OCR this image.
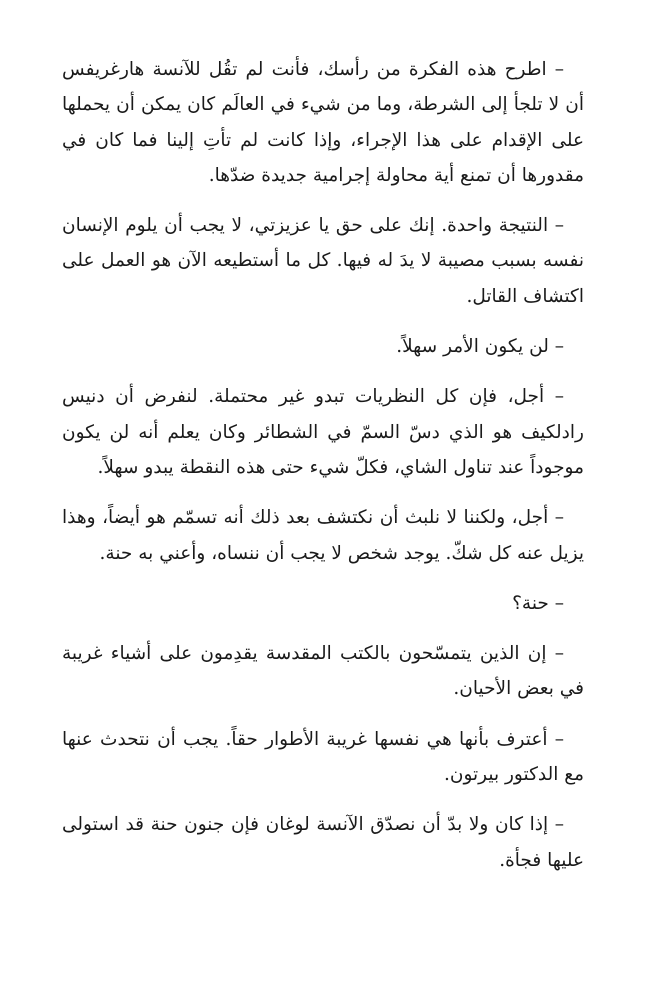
– اطرح هذه الفكرة من رأسك، فأنت لم تقُل للآنسة هارغريفس أن لا تلجأ إلى الشرطة، وما من شيء في العالَم كان يمكن أن يحملها على الإقدام على هذا الإجراء، وإذا كانت لم تأتِ إلينا فما كان في مقدورها أن تمنع أية محاولة إجرامية جديدة ضدّها.

– النتيجة واحدة. إنك على حق يا عزيزتي، لا يجب أن يلوم الإنسان نفسه بسبب مصيبة لا يدَ له فيها. كل ما أستطيعه الآن هو العمل على اكتشاف القاتل.

– لن يكون الأمر سهلاً.

– أجل، فإن كل النظريات تبدو غير محتملة. لنفرض أن دنيس رادلكيف هو الذي دسّ السمّ في الشطائر وكان يعلم أنه لن يكون موجوداً عند تناول الشاي، فكلّ شيء حتى هذه النقطة يبدو سهلاً.

– أجل، ولكننا لا نلبث أن نكتشف بعد ذلك أنه تسمّم هو أيضاً، وهذا يزيل عنه كل شكّ. يوجد شخص لا يجب أن ننساه، وأعني به حنة.

– حنة؟

– إن الذين يتمسّحون بالكتب المقدسة يقدِمون على أشياء غريبة في بعض الأحيان.

– أعترف بأنها هي نفسها غريبة الأطوار حقاً. يجب أن نتحدث عنها مع الدكتور بيرتون.

– إذا كان ولا بدّ أن نصدّق الآنسة لوغان فإن جنون حنة قد استولى عليها فجأة.
